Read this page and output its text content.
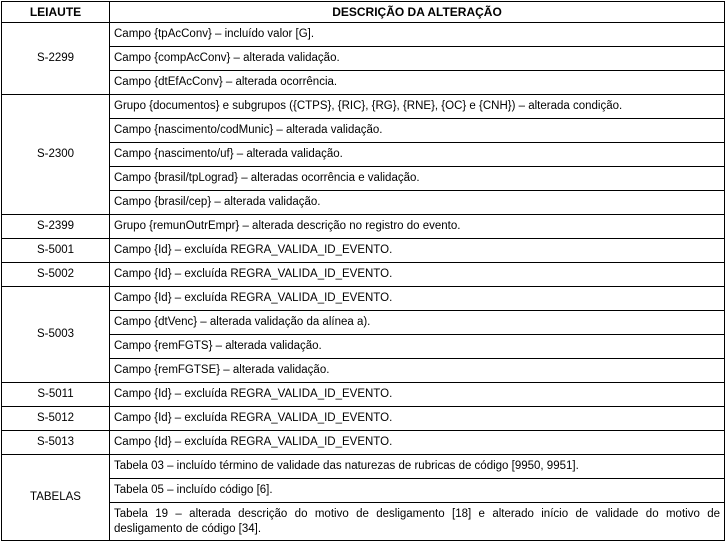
LEIAUTE	DESCRIÇÃO DA ALTERAÇÃO
S-2299	Campo {tpAcConv} – incluído valor [G].
	Campo {compAcConv} – alterada validação.
	Campo {dtEfAcConv} – alterada ocorrência.
S-2300	Grupo {documentos} e subgrupos ({CTPS}, {RIC}, {RG}, {RNE}, {OC} e {CNH}) – alterada condição.
	Campo {nascimento/codMunic} – alterada validação.
	Campo {nascimento/uf} – alterada validação.
	Campo {brasil/tpLograd} – alteradas ocorrência e validação.
	Campo {brasil/cep} – alterada validação.
S-2399	Grupo {remunOutrEmpr} – alterada descrição no registro do evento.
S-5001	Campo {Id} – excluída REGRA_VALIDA_ID_EVENTO.
S-5002	Campo {Id} – excluída REGRA_VALIDA_ID_EVENTO.
S-5003	Campo {Id} – excluída REGRA_VALIDA_ID_EVENTO.
	Campo {dtVenc} – alterada validação da alínea a).
	Campo {remFGTS} – alterada validação.
	Campo {remFGTSE} – alterada validação.
S-5011	Campo {Id} – excluída REGRA_VALIDA_ID_EVENTO.
S-5012	Campo {Id} – excluída REGRA_VALIDA_ID_EVENTO.
S-5013	Campo {Id} – excluída REGRA_VALIDA_ID_EVENTO.
TABELAS	Tabela 03 – incluído término de validade das naturezas de rubricas de código [9950, 9951].
	Tabela 05 – incluído código [6].
	Tabela 19 – alterada descrição do motivo de desligamento [18] e alterado início de validade do motivo de desligamento de código [34].
